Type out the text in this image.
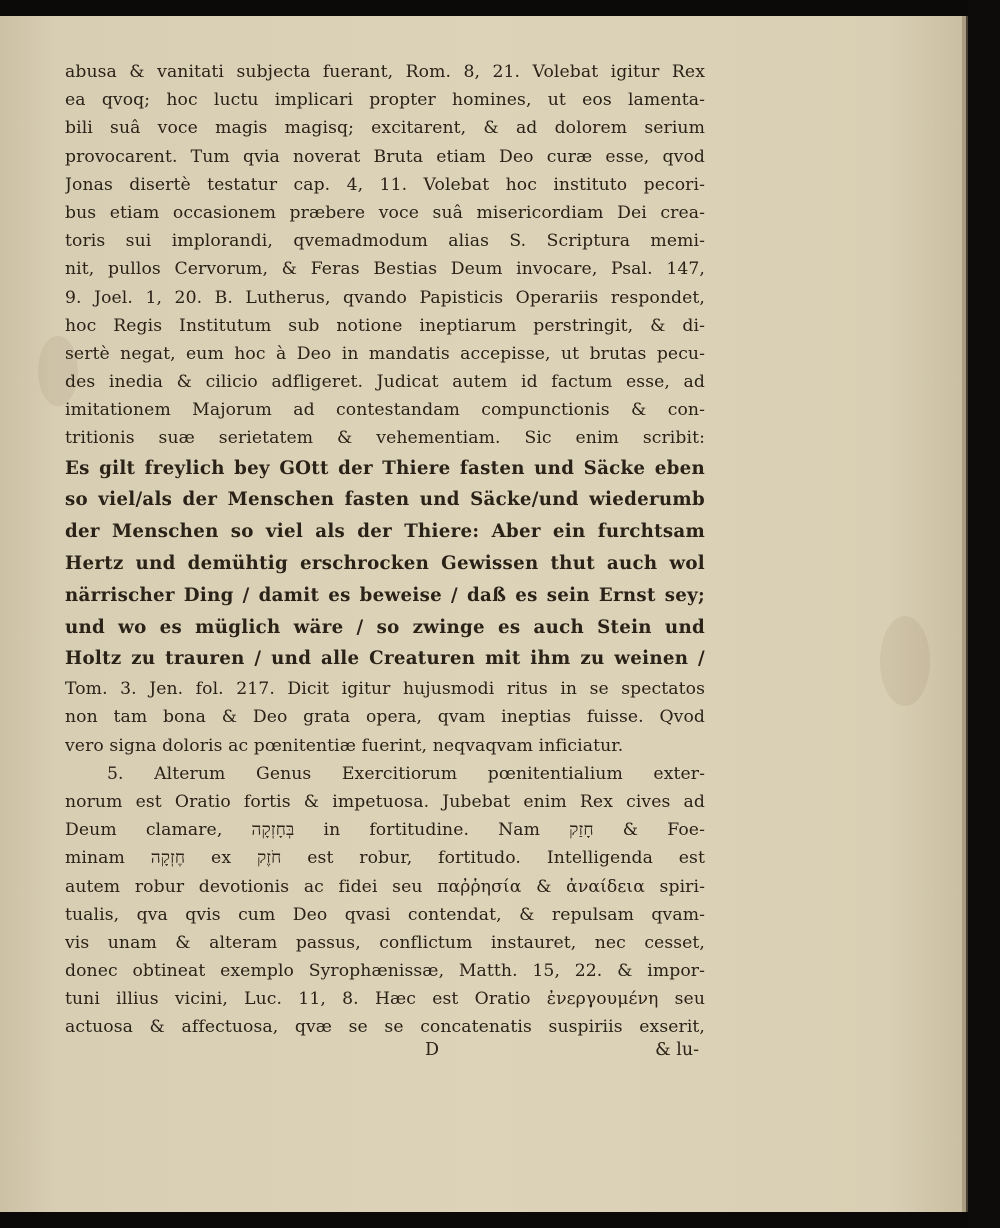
abusa & vanitati subjecta fuerant, Rom. 8, 21. Volebat igitur Rex
ea qvoq; hoc luctu implicari propter homines, ut eos lamenta-
bili suâ voce magis magisq; excitarent, & ad dolorem serium
provocarent. Tum qvia noverat Bruta etiam Deo curæ esse, qvod
Jonas disertè testatur cap. 4, 11. Volebat hoc instituto pecori-
bus etiam occasionem præbere voce suâ misericordiam Dei crea-
toris sui implorandi, qvemadmodum alias S. Scriptura memi-
nit, pullos Cervorum, & Feras Bestias Deum invocare, Psal. 147,
9. Joel. 1, 20. B. Lutherus, qvando Papisticis Operariis respondet,
hoc Regis Institutum sub notione ineptiarum perstringit, & di-
sertè negat, eum hoc à Deo in mandatis accepisse, ut brutas pecu-
des inedia & cilicio adfligeret. Judicat autem id factum esse, ad
imitationem Majorum ad contestandam compunctionis & con-
tritionis suæ serietatem & vehementiam. Sic enim scribit:
Es gilt freylich bey GOtt der Thiere fasten und Säcke eben
so viel/als der Menschen fasten und Säcke/und wiederumb
der Menschen so viel als der Thiere: Aber ein furchtsam
Hertz und demühtig erschrocken Gewissen thut auch wol
närrischer Ding / damit es beweise / daß es sein Ernst sey;
und wo es müglich wäre / so zwinge es auch Stein und
Holtz zu trauren / und alle Creaturen mit ihm zu weinen /
Tom. 3. Jen. fol. 217. Dicit igitur hujusmodi ritus in se spectatos
non tam bona & Deo grata opera, qvam ineptias fuisse. Qvod
vero signa doloris ac pœnitentiæ fuerint, neqvaqvam inficiatur.
5. Alterum Genus Exercitiorum pœnitentialium exter-
norum est Oratio fortis & impetuosa. Jubebat enim Rex cives ad
Deum clamare, בְּחָזְקָה in fortitudine. Nam חָזַק & Foe-
minam חֶזְקָה ex חֹזֶק est robur, fortitudo. Intelligenda est
autem robur devotionis ac fidei seu παῤῥησία & ἀναίδεια spiri-
tualis, qva qvis cum Deo qvasi contendat, & repulsam qvam-
vis unam & alteram passus, conflictum instauret, nec cesset,
donec obtineat exemplo Syrophænissæ, Matth. 15, 22. & impor-
tuni illius vicini, Luc. 11, 8. Hæc est Oratio ἐνεργουμένη seu
actuosa & affectuosa, qvæ se se concatenatis suspiriis exserit,
D	& lu-
